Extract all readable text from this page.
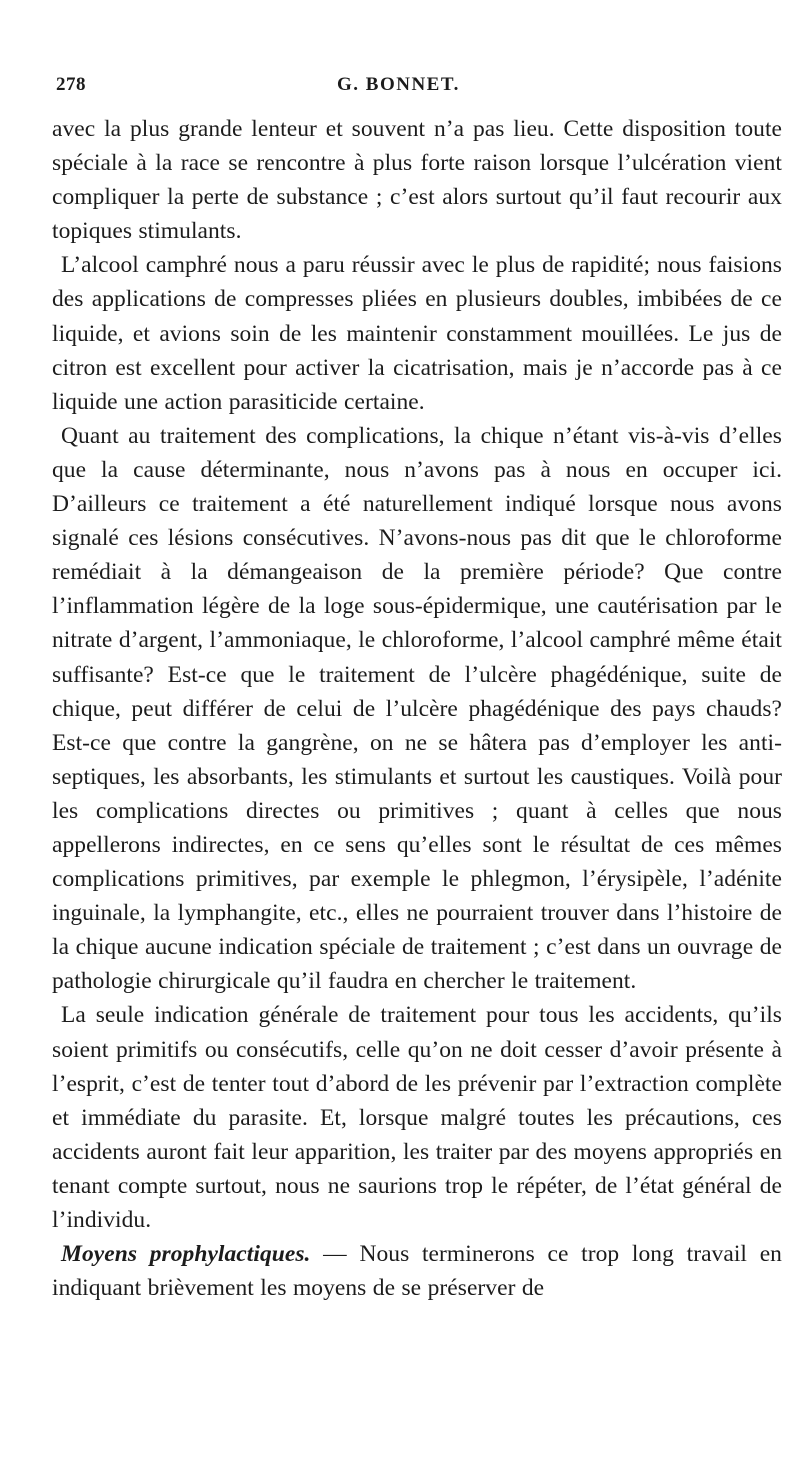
278	G. BONNET.

avec la plus grande lenteur et souvent n’a pas lieu. Cette disposition toute spéciale à la race se rencontre à plus forte raison lorsque l’ulcération vient compliquer la perte de substance ; c’est alors surtout qu’il faut recourir aux topiques stimulants.

L’alcool camphré nous a paru réussir avec le plus de rapidité; nous faisions des applications de compresses pliées en plusieurs doubles, imbibées de ce liquide, et avions soin de les maintenir constamment mouillées. Le jus de citron est excellent pour activer la cicatrisation, mais je n’accorde pas à ce liquide une action parasiticide certaine.

Quant au traitement des complications, la chique n’étant vis-à-vis d’elles que la cause déterminante, nous n’avons pas à nous en occuper ici. D’ailleurs ce traitement a été naturellement indiqué lorsque nous avons signalé ces lésions consécutives. N’avons-nous pas dit que le chloroforme remédiait à la démangeaison de la première période? Que contre l’inflammation légère de la loge sous-épidermique, une cautérisation par le nitrate d’argent, l’ammoniaque, le chloroforme, l’alcool camphré même était suffisante? Est-ce que le traitement de l’ulcère phagédénique, suite de chique, peut différer de celui de l’ulcère phagédénique des pays chauds? Est-ce que contre la gangrène, on ne se hâtera pas d’employer les anti-septiques, les absorbants, les stimulants et surtout les caustiques. Voilà pour les complications directes ou primitives ; quant à celles que nous appellerons indirectes, en ce sens qu’elles sont le résultat de ces mêmes complications primitives, par exemple le phlegmon, l’érysipèle, l’adénite inguinale, la lymphangite, etc., elles ne pourraient trouver dans l’histoire de la chique aucune indication spéciale de traitement ; c’est dans un ouvrage de pathologie chirurgicale qu’il faudra en chercher le traitement.

La seule indication générale de traitement pour tous les accidents, qu’ils soient primitifs ou consécutifs, celle qu’on ne doit cesser d’avoir présente à l’esprit, c’est de tenter tout d’abord de les prévenir par l’extraction complète et immédiate du parasite. Et, lorsque malgré toutes les précautions, ces accidents auront fait leur apparition, les traiter par des moyens appropriés en tenant compte surtout, nous ne saurions trop le répéter, de l’état général de l’individu.

Moyens prophylactiques. — Nous terminerons ce trop long travail en indiquant brièvement les moyens de se préserver de
